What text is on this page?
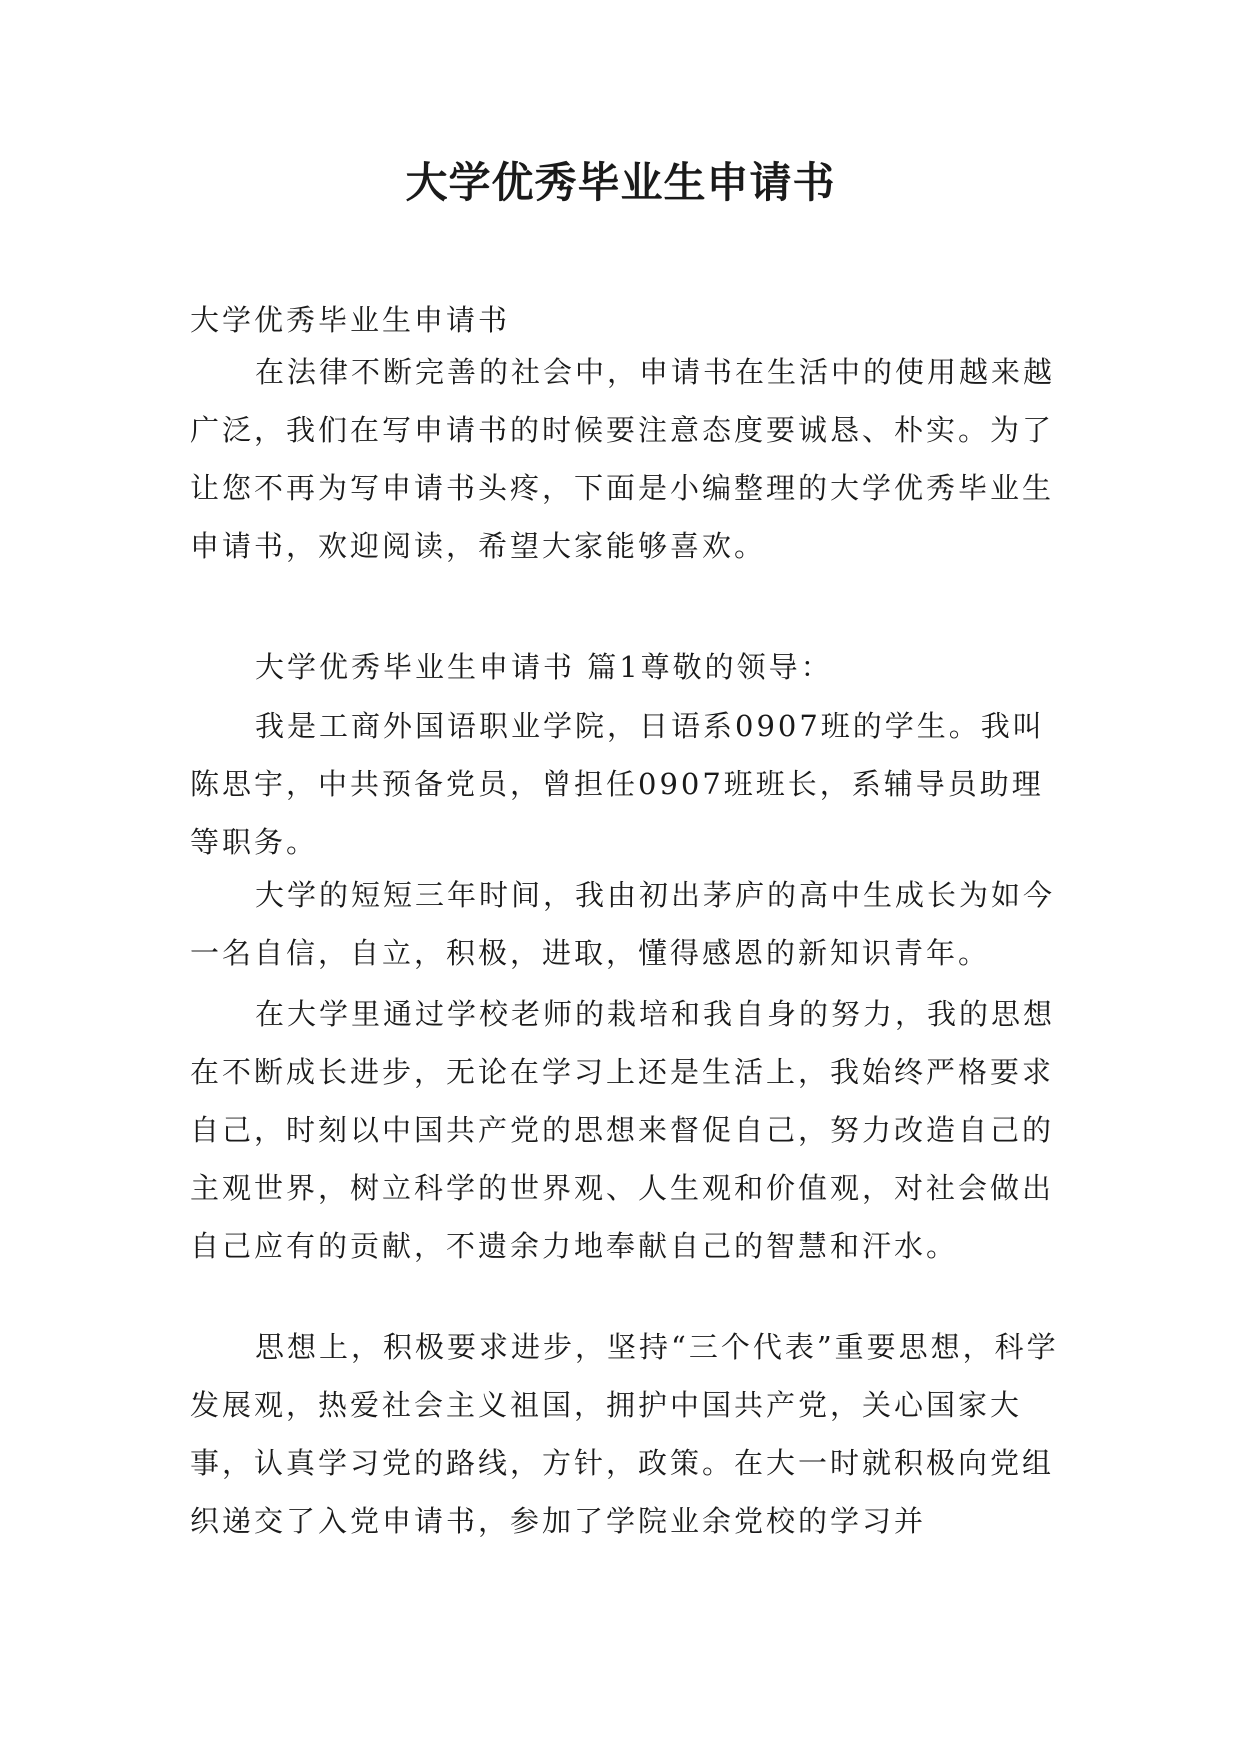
大学优秀毕业生申请书

大学优秀毕业生申请书

在法律不断完善的社会中，申请书在生活中的使用越来越广泛，我们在写申请书的时候要注意态度要诚恳、朴实。为了让您不再为写申请书头疼，下面是小编整理的大学优秀毕业生申请书，欢迎阅读，希望大家能够喜欢。

大学优秀毕业生申请书 篇1尊敬的领导：

我是工商外国语职业学院，日语系0907班的学生。我叫陈思宇，中共预备党员，曾担任0907班班长，系辅导员助理等职务。

大学的短短三年时间，我由初出茅庐的高中生成长为如今一名自信，自立，积极，进取，懂得感恩的新知识青年。

在大学里通过学校老师的栽培和我自身的努力，我的思想在不断成长进步，无论在学习上还是生活上，我始终严格要求自己，时刻以中国共产党的思想来督促自己，努力改造自己的主观世界，树立科学的世界观、人生观和价值观，对社会做出自己应有的贡献，不遗余力地奉献自己的智慧和汗水。

思想上，积极要求进步，坚持“三个代表”重要思想，科学发展观，热爱社会主义祖国，拥护中国共产党，关心国家大事，认真学习党的路线，方针，政策。在大一时就积极向党组织递交了入党申请书，参加了学院业余党校的学习并
